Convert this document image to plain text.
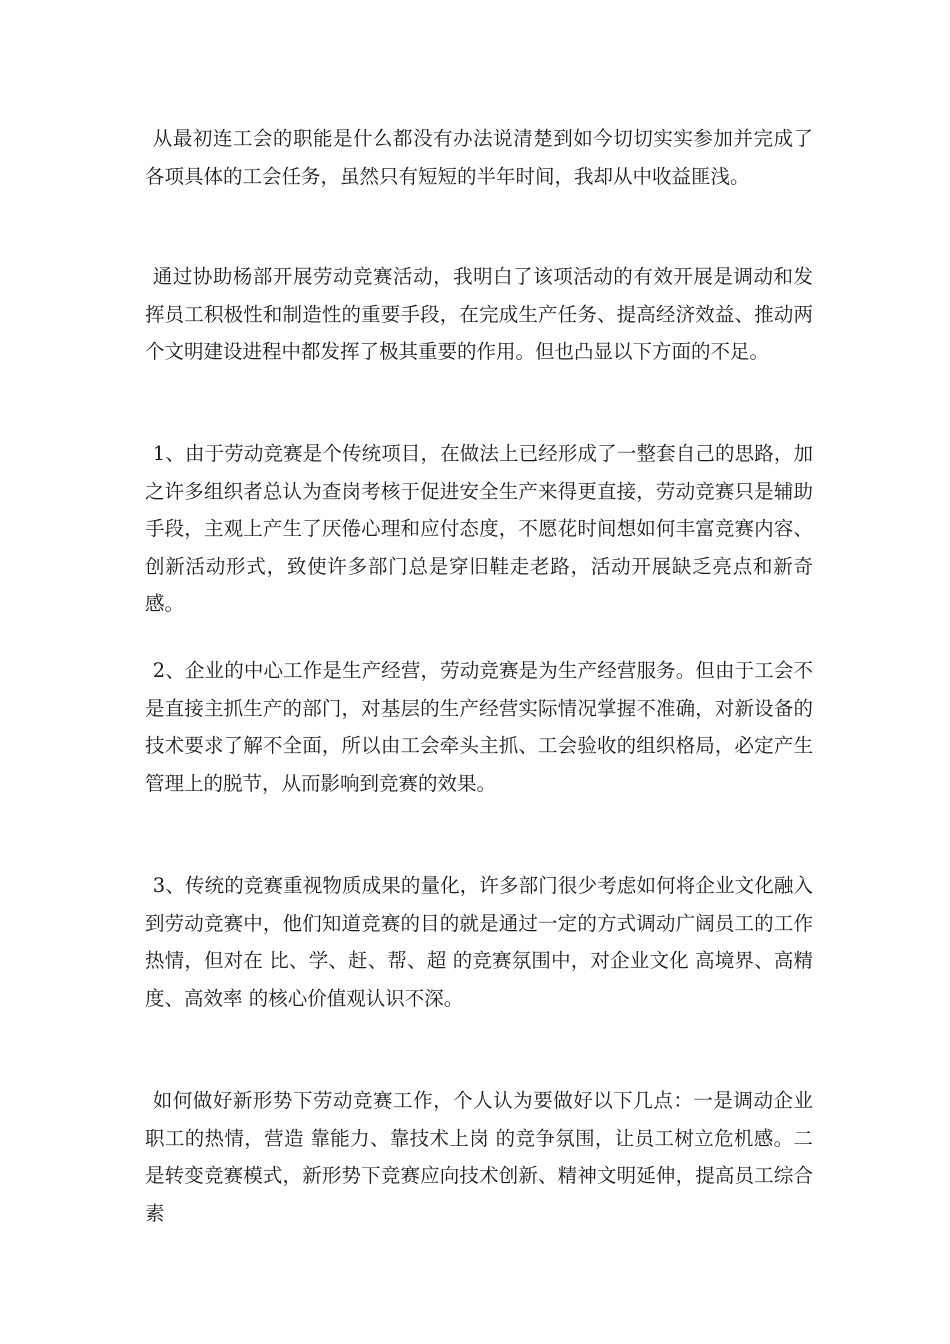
从最初连工会的职能是什么都没有办法说清楚到如今切切实实参加并完成了各项具体的工会任务，虽然只有短短的半年时间，我却从中收益匪浅。

通过协助杨部开展劳动竞赛活动，我明白了该项活动的有效开展是调动和发挥员工积极性和制造性的重要手段，在完成生产任务、提高经济效益、推动两个文明建设进程中都发挥了极其重要的作用。但也凸显以下方面的不足。

1、由于劳动竞赛是个传统项目，在做法上已经形成了一整套自己的思路，加之许多组织者总认为查岗考核于促进安全生产来得更直接，劳动竞赛只是辅助手段，主观上产生了厌倦心理和应付态度，不愿花时间想如何丰富竞赛内容、创新活动形式，致使许多部门总是穿旧鞋走老路，活动开展缺乏亮点和新奇感。

2、企业的中心工作是生产经营，劳动竞赛是为生产经营服务。但由于工会不是直接主抓生产的部门，对基层的生产经营实际情况掌握不准确，对新设备的技术要求了解不全面，所以由工会牵头主抓、工会验收的组织格局，必定产生管理上的脱节，从而影响到竞赛的效果。

3、传统的竞赛重视物质成果的量化，许多部门很少考虑如何将企业文化融入到劳动竞赛中，他们知道竞赛的目的就是通过一定的方式调动广阔员工的工作热情，但对在 比、学、赶、帮、超 的竞赛氛围中，对企业文化 高境界、高精度、高效率 的核心价值观认识不深。

如何做好新形势下劳动竞赛工作，个人认为要做好以下几点：一是调动企业职工的热情，营造 靠能力、靠技术上岗 的竞争氛围，让员工树立危机感。二是转变竞赛模式，新形势下竞赛应向技术创新、精神文明延伸，提高员工综合素
